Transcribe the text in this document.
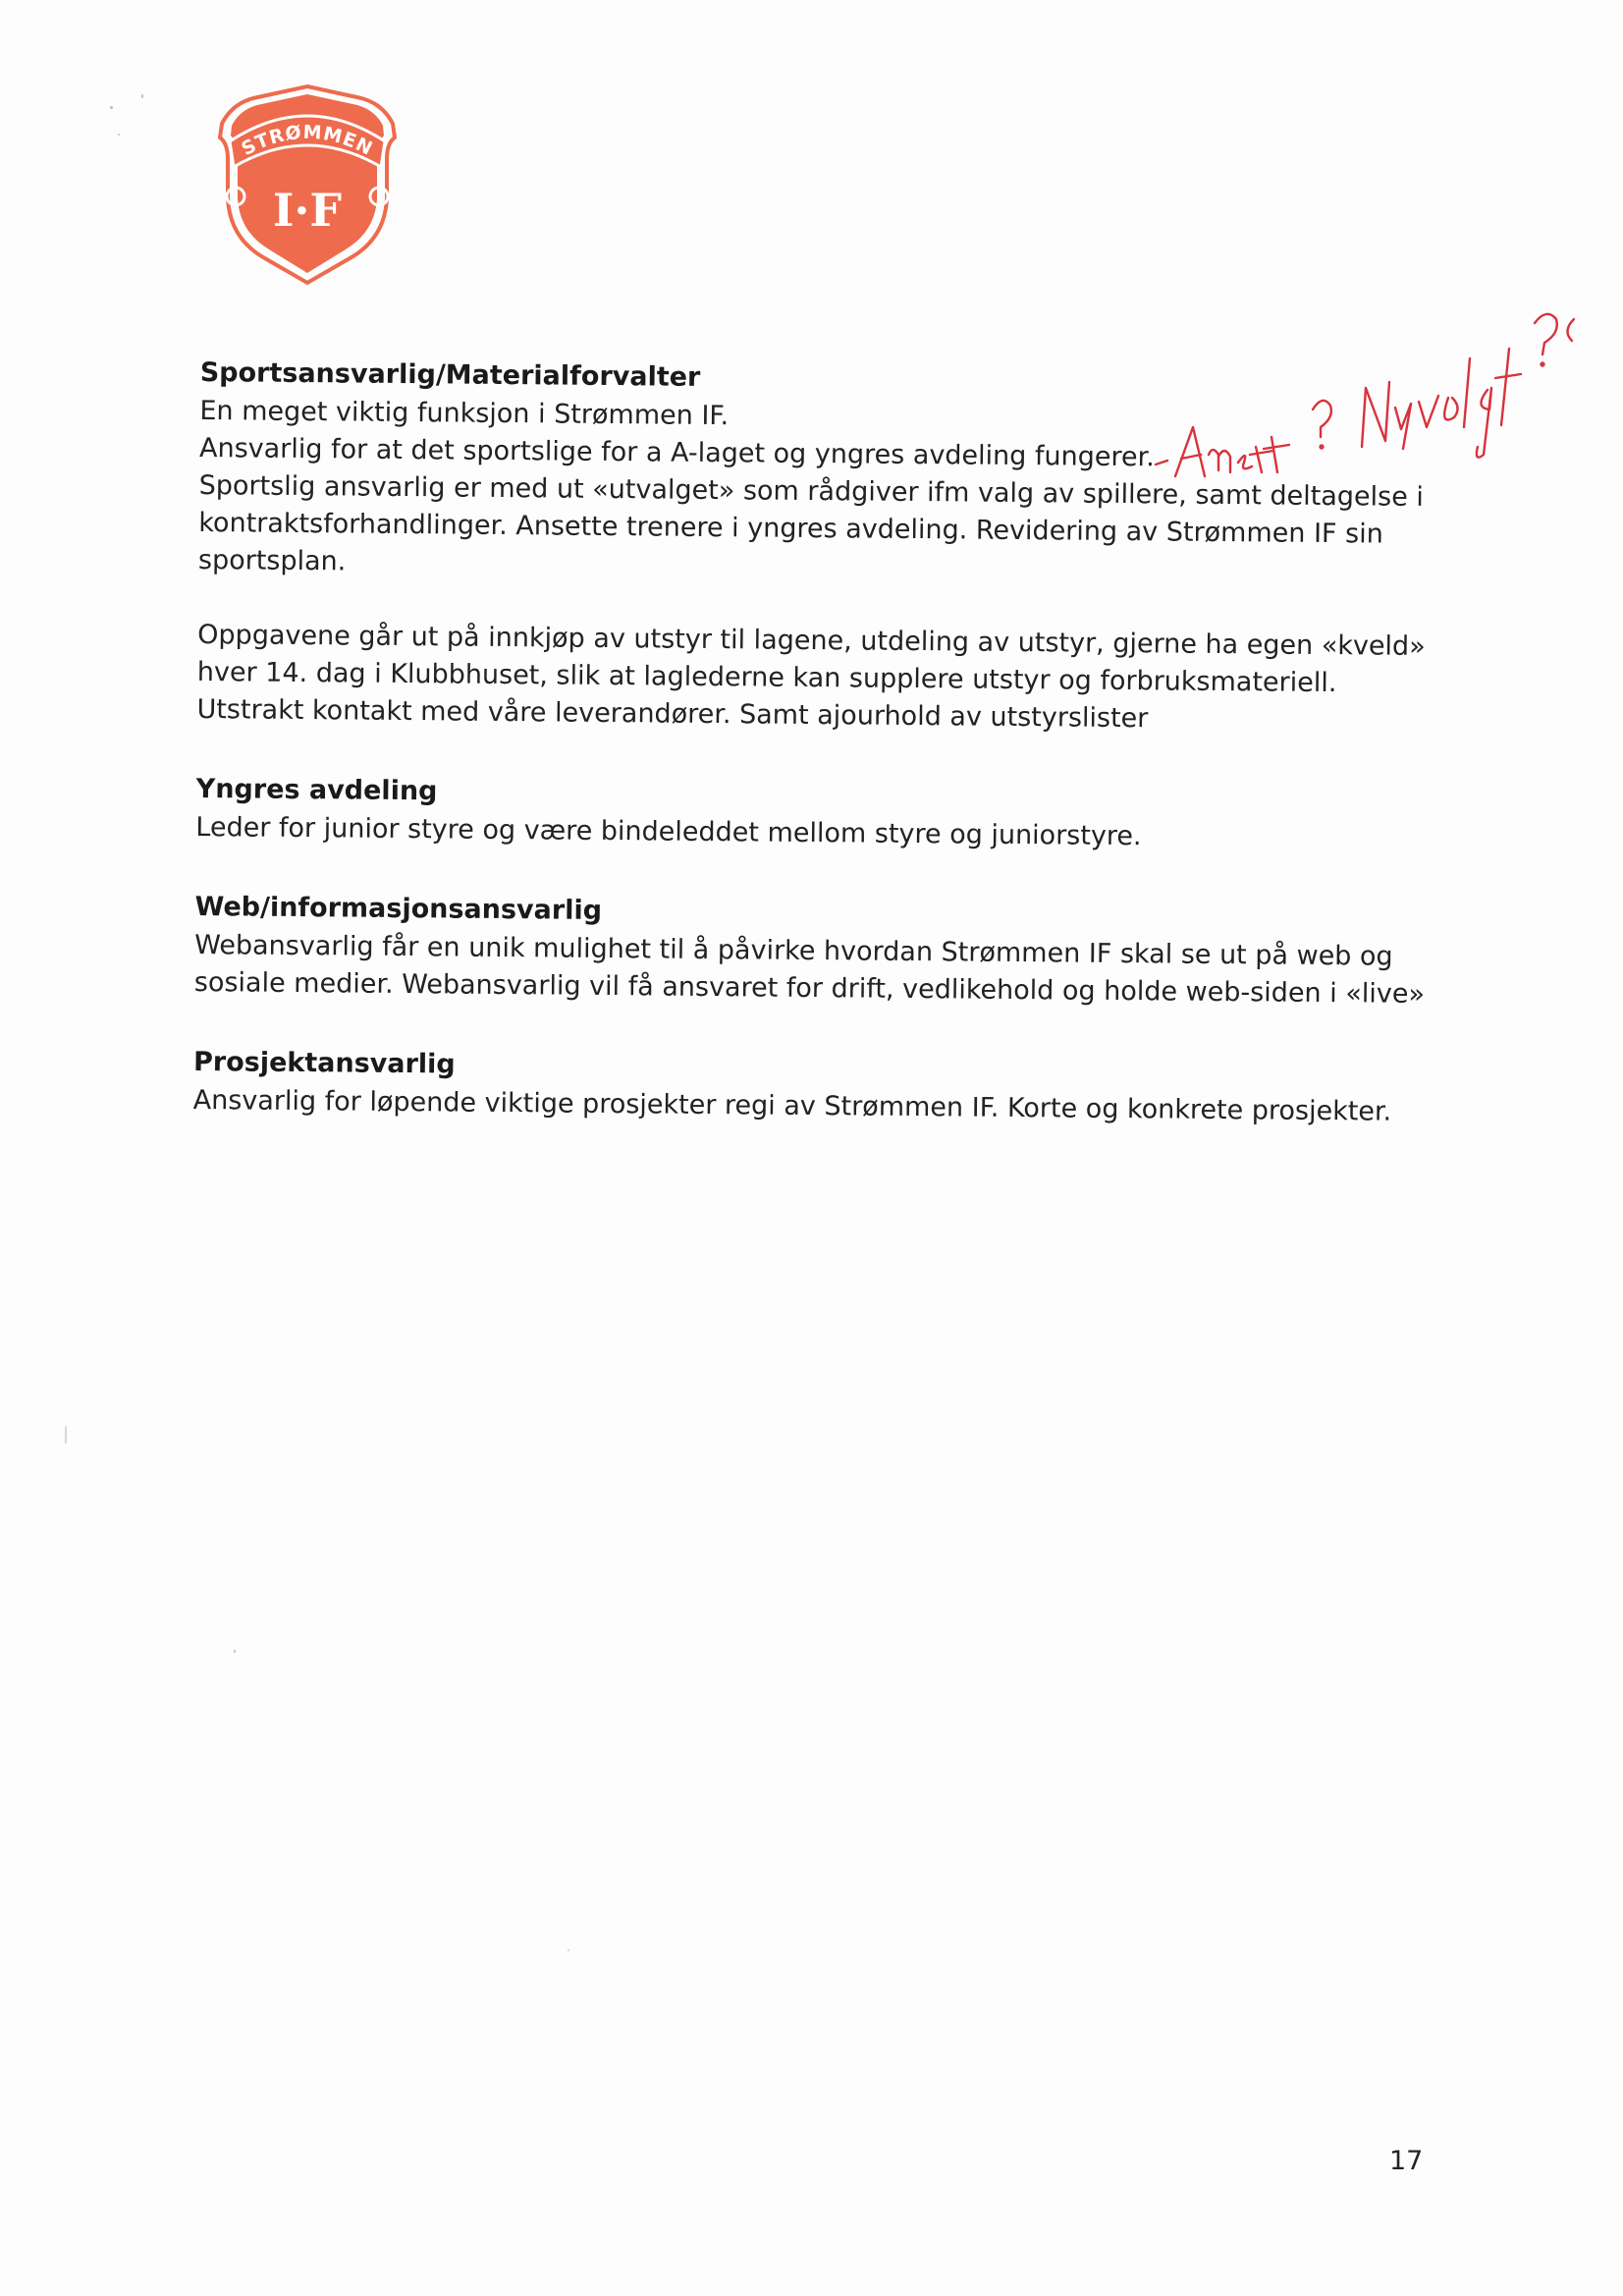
STRØMMEN
I·F
Sportsansvarlig/Materialforvalter

En meget viktig funksjon i Strømmen IF.

Ansvarlig for at det sportslige for a A-laget og yngres avdeling fungerer.

Sportslig ansvarlig er med ut «utvalget» som rådgiver ifm valg av spillere, samt deltagelse i

kontraktsforhandlinger. Ansette trenere i yngres avdeling. Revidering av Strømmen IF sin

sportsplan.

Oppgavene går ut på innkjøp av utstyr til lagene, utdeling av utstyr, gjerne ha egen «kveld»

hver 14. dag i Klubbhuset, slik at laglederne kan supplere utstyr og forbruksmateriell.

Utstrakt kontakt med våre leverandører. Samt ajourhold av utstyrslister

Yngres avdeling

Leder for junior styre og være bindeleddet mellom styre og juniorstyre.

Web/informasjonsansvarlig

Webansvarlig får en unik mulighet til å påvirke hvordan Strømmen IF skal se ut på web og

sosiale medier. Webansvarlig vil få ansvaret for drift, vedlikehold og holde web-siden i «live»

Prosjektansvarlig

Ansvarlig for løpende viktige prosjekter regi av Strømmen IF. Korte og konkrete prosjekter.

17
